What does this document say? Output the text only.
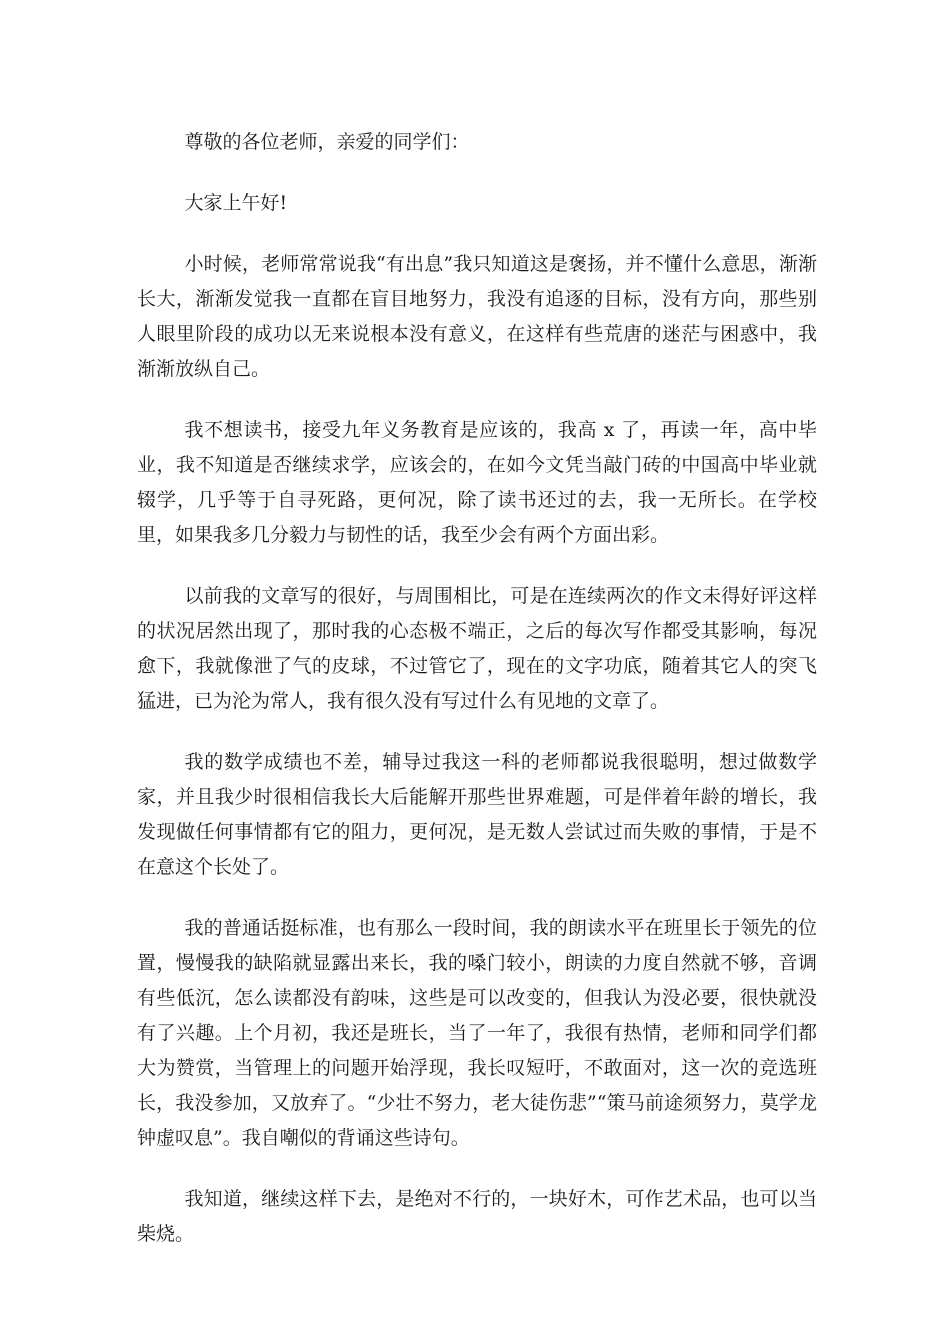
尊敬的各位老师，亲爱的同学们：

大家上午好!

小时候，老师常常说我“有出息”我只知道这是褒扬，并不懂什么意思，渐渐长大，渐渐发觉我一直都在盲目地努力，我没有追逐的目标，没有方向，那些别人眼里阶段的成功以无来说根本没有意义，在这样有些荒唐的迷茫与困惑中，我渐渐放纵自己。

我不想读书，接受九年义务教育是应该的，我高 x 了，再读一年，高中毕业，我不知道是否继续求学，应该会的，在如今文凭当敲门砖的中国高中毕业就辍学，几乎等于自寻死路，更何况，除了读书还过的去，我一无所长。在学校里，如果我多几分毅力与韧性的话，我至少会有两个方面出彩。

以前我的文章写的很好，与周围相比，可是在连续两次的作文未得好评这样的状况居然出现了，那时我的心态极不端正，之后的每次写作都受其影响，每况愈下，我就像泄了气的皮球，不过管它了，现在的文字功底，随着其它人的突飞猛进，已为沦为常人，我有很久没有写过什么有见地的文章了。

我的数学成绩也不差，辅导过我这一科的老师都说我很聪明，想过做数学家，并且我少时很相信我长大后能解开那些世界难题，可是伴着年龄的增长，我发现做任何事情都有它的阻力，更何况，是无数人尝试过而失败的事情，于是不在意这个长处了。

我的普通话挺标准，也有那么一段时间，我的朗读水平在班里长于领先的位置，慢慢我的缺陷就显露出来长，我的嗓门较小，朗读的力度自然就不够，音调有些低沉，怎么读都没有韵味，这些是可以改变的，但我认为没必要，很快就没有了兴趣。上个月初，我还是班长，当了一年了，我很有热情，老师和同学们都大为赞赏，当管理上的问题开始浮现，我长叹短吁，不敢面对，这一次的竞选班长，我没参加，又放弃了。“少壮不努力，老大徒伤悲”“策马前途须努力，莫学龙钟虚叹息”。我自嘲似的背诵这些诗句。

我知道，继续这样下去，是绝对不行的，一块好木，可作艺术品，也可以当柴烧。
